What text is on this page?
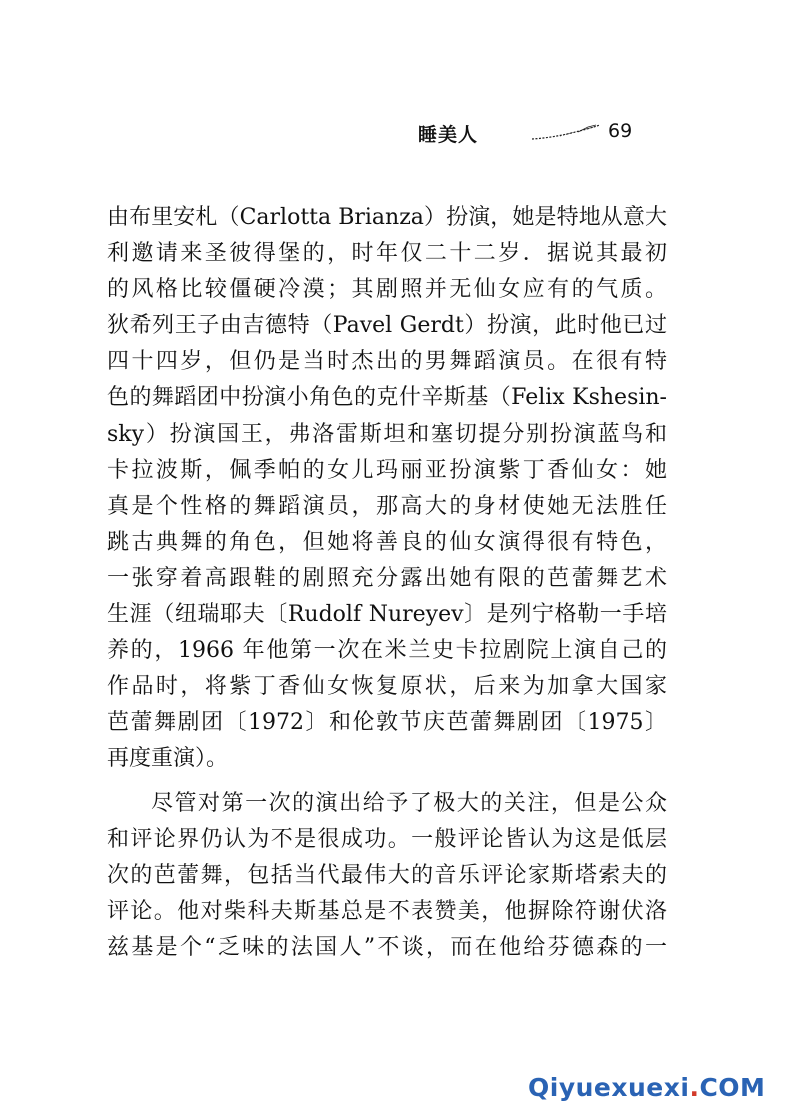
睡美人	69
由布里安札（Carlotta Brianza）扮演，她是特地从意大
利邀请来圣彼得堡的，时年仅二十二岁．据说其最初
的风格比较僵硬冷漠；其剧照并无仙女应有的气质。
狄希列王子由吉德特（Pavel Gerdt）扮演，此时他已过
四十四岁，但仍是当时杰出的男舞蹈演员。在很有特
色的舞蹈团中扮演小角色的克什辛斯基（Felix Kshesin-
sky）扮演国王，弗洛雷斯坦和塞切提分别扮演蓝鸟和
卡拉波斯，佩季帕的女儿玛丽亚扮演紫丁香仙女：她
真是个性格的舞蹈演员，那高大的身材使她无法胜任
跳古典舞的角色，但她将善良的仙女演得很有特色，
一张穿着高跟鞋的剧照充分露出她有限的芭蕾舞艺术
生涯（纽瑞耶夫〔Rudolf Nureyev〕是列宁格勒一手培
养的，1966 年他第一次在米兰史卡拉剧院上演自己的
作品时，将紫丁香仙女恢复原状，后来为加拿大国家
芭蕾舞剧团〔1972〕和伦敦节庆芭蕾舞剧团〔1975〕
再度重演）。
尽管对第一次的演出给予了极大的关注，但是公众
和评论界仍认为不是很成功。一般评论皆认为这是低层
次的芭蕾舞，包括当代最伟大的音乐评论家斯塔索夫的
评论。他对柴科夫斯基总是不表赞美，他摒除符谢伏洛
兹基是个“乏味的法国人”不谈，而在他给芬德森的一
Qiyuexuexi.COM
